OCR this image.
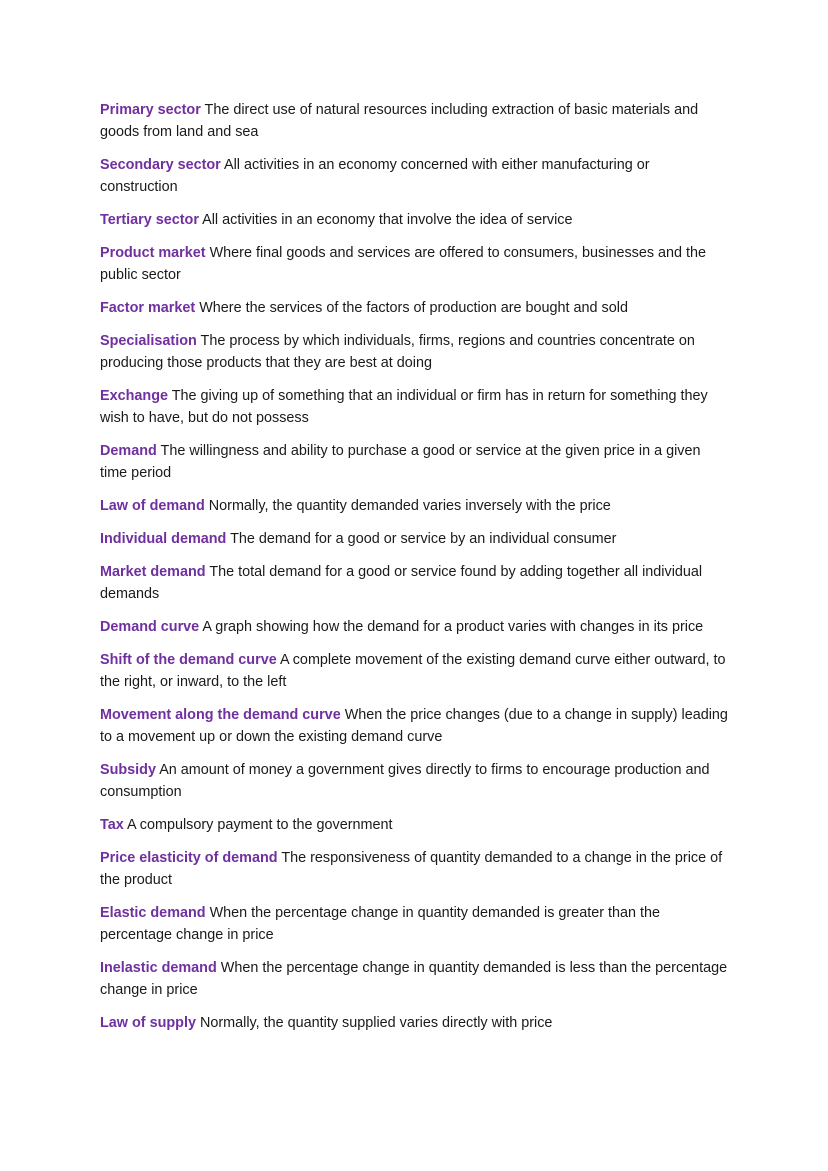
Primary sector The direct use of natural resources including extraction of basic materials and goods from land and sea

Secondary sector All activities in an economy concerned with either manufacturing or construction

Tertiary sector All activities in an economy that involve the idea of service

Product market Where final goods and services are offered to consumers, businesses and the public sector

Factor market Where the services of the factors of production are bought and sold

Specialisation The process by which individuals, firms, regions and countries concentrate on producing those products that they are best at doing

Exchange The giving up of something that an individual or firm has in return for something they wish to have, but do not possess

Demand The willingness and ability to purchase a good or service at the given price in a given time period

Law of demand Normally, the quantity demanded varies inversely with the price

Individual demand The demand for a good or service by an individual consumer

Market demand The total demand for a good or service found by adding together all individual demands

Demand curve A graph showing how the demand for a product varies with changes in its price

Shift of the demand curve A complete movement of the existing demand curve either outward, to the right, or inward, to the left

Movement along the demand curve When the price changes (due to a change in supply) leading to a movement up or down the existing demand curve

Subsidy An amount of money a government gives directly to firms to encourage production and consumption

Tax A compulsory payment to the government

Price elasticity of demand The responsiveness of quantity demanded to a change in the price of the product

Elastic demand When the percentage change in quantity demanded is greater than the percentage change in price

Inelastic demand When the percentage change in quantity demanded is less than the percentage change in price

Law of supply Normally, the quantity supplied varies directly with price
